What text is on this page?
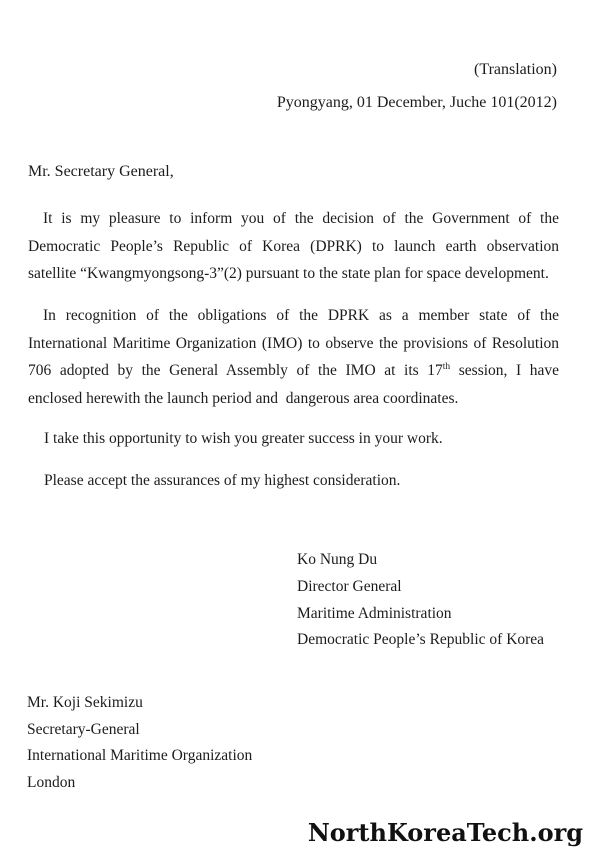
(Translation)
Pyongyang, 01 December, Juche 101(2012)
Mr. Secretary General,
It is my pleasure to inform you of the decision of the Government of the
Democratic People’s Republic of Korea (DPRK) to launch earth observation
satellite “Kwangmyongsong-3”(2) pursuant to the state plan for space development.
In recognition of the obligations of the DPRK as a member state of the
International Maritime Organization (IMO) to observe the provisions of Resolution
706 adopted by the General Assembly of the IMO at its 17th session, I have
enclosed herewith the launch period and  dangerous area coordinates.
I take this opportunity to wish you greater success in your work.
Please accept the assurances of my highest consideration.
Ko Nung Du
Director General
Maritime Administration
Democratic People’s Republic of Korea
Mr. Koji Sekimizu
Secretary-General
International Maritime Organization
London
NorthKoreaTech.org
